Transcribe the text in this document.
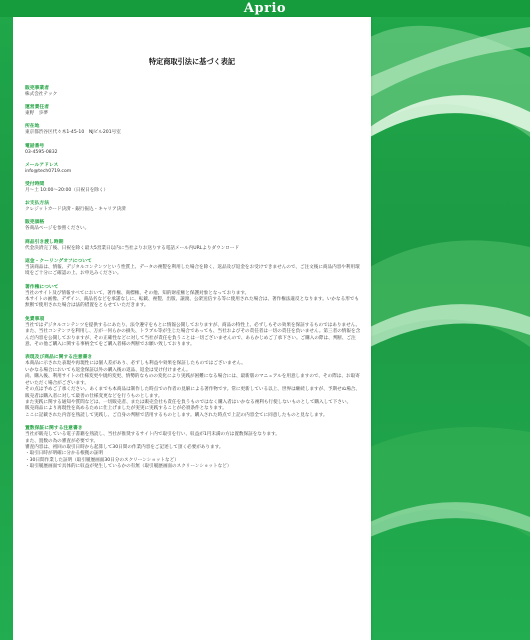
Aprio
特定商取引法に基づく表記
販売事業者
株式会社テック
運営責任者
東野　歩夢
所在地
東京都渋谷区代々木1-45-10　NJビル201号室
電話番号
03-4595-0832
メールアドレス
info@tech0719.com
受付時間
月〜土 10:00〜20:00（日祝日を除く）
お支払方法
クレジットカード決済・銀行振込・キャリア決済
販売価格
各商品ページを参照ください。
商品引き渡し時期
代金決済完了後、日祝を除く最大5営業日以内に当社よりお送りする電話メール内URLよりダウンロード
返金・クーリングオフについて
当該商品は、情報、デジタルコンテンツという性質上、データの複製を利用した場合を除く、返品及び返金をお受けできませんので、ご注文後に商品内容や利用環境をご十分にご確認の上、お申込みください。
著作権について
当社のサイト及び情報すべてにおいて、著作権、商標権、その他、知的財産権と保護対象となっております。
本サイトの画像、デザイン、商品名などを承諾なしに、転載、複製、出版、譲渡、公衆送信する等に使用された場合は、著作権法違反となります。いかなる形でも無断で使用された場合は法的措置をとらせていただきます。
免責事項
当社ではデジタルコンテンツを提供するにあたり、法令遵守をもとに情報公開しておりますが、商品の特性上、必ずしもその効果を保証するものではありません。
また、当社コンテンツを利用し、万が一何らかの損失、トラブル等が生じた場合であっても、当社およびその責任者は一切の責任を負いません。第三者の情報を含んだ内容を公開しておりますが、その正確性などに対して当社が責任を負うことは一切ございませんので、あらかじめご了承下さい。ご購入の際は、判断、ご注意、その他ご購入に関する事柄全てをご購入者様の判断でお願い致しております。
表現及び商品に関する注意書き
本商品に示された表現や再現性には個人差があり、必ずしも利益や効果を保証したものではございません。
いかなる場合においても返金保証以外の購入後の返品、返金は受け付けません。
尚、購入後、利用サイトの仕様変更や規約変更、情勢的なものの変化により実践が困難になる場合には、最新版のマニュアルを用意しますので、その際は、お取寄せいただく場合がございます。
その点は予めご了承ください。あくまでも本商品は制作した時点での作者の見解による著作物です。常に更新している以上、世界は継続しますが、予期せぬ場合、販売者は購入者に対して最善の仕様変更などを行うものとします。
また実践に関する通知や質問などは、一切販売者、または販売会社も責任を負うものではなく購入者はいかなる複利も行使しないものとして購入して下さい。
販売商品により再現性を高めるために仕上げましたが実実に実践することが必須条件となります。
ここに記載された内容を熟読して実践し、ご自身の判断で活用するものとします。購入された時点で上記の内容全てに同意したものと見なします。
置数保証に関する注意書き
当社が販売している電子書籍を熟読し、当社が推奨するサイト内で取引を行い、収益が1円未満の方は置数保証をなります。
また、置数の為の審査が必要です。
審査内容は、初回の取引日時から起算して30日間の作業内容をご記述して頂く必要があります。
・取引日時が明確に分かる根拠の証明
・30日間作業した証明（取引履歴画面30日分のスクリーンショットなど）
・取引履歴画面で具体的に収益が発生しているかの有無（取引履歴画面のスクリーンショットなど）
